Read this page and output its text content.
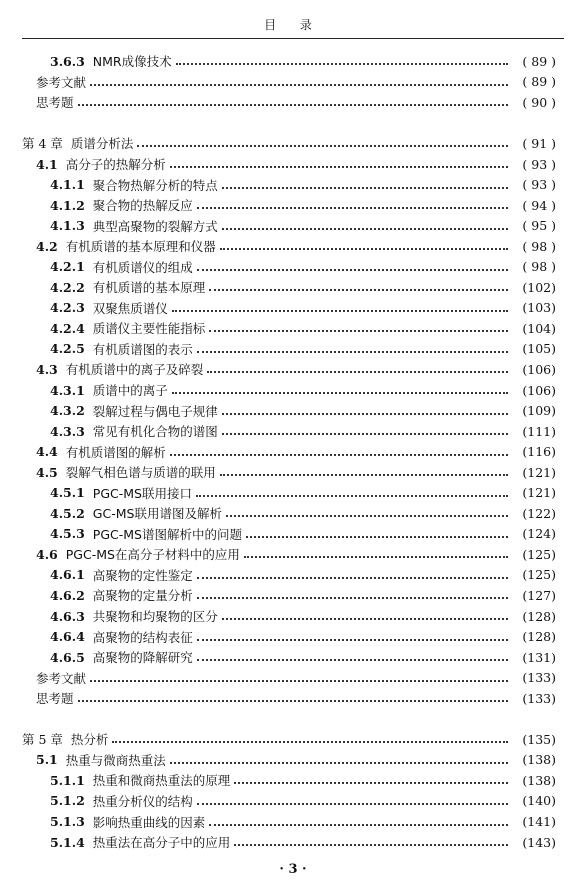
目 录
3.6.3 NMR成像技术	( 89 )
参考文献	( 89 )
思考题	( 90 )
第 4 章 质谱分析法	( 91 )
4.1 高分子的热解分析	( 93 )
4.1.1 聚合物热解分析的特点	( 93 )
4.1.2 聚合物的热解反应	( 94 )
4.1.3 典型高聚物的裂解方式	( 95 )
4.2 有机质谱的基本原理和仪器	( 98 )
4.2.1 有机质谱仪的组成	( 98 )
4.2.2 有机质谱的基本原理	(102)
4.2.3 双聚焦质谱仪	(103)
4.2.4 质谱仪主要性能指标	(104)
4.2.5 有机质谱图的表示	(105)
4.3 有机质谱中的离子及碎裂	(106)
4.3.1 质谱中的离子	(106)
4.3.2 裂解过程与偶电子规律	(109)
4.3.3 常见有机化合物的谱图	(111)
4.4 有机质谱图的解析	(116)
4.5 裂解气相色谱与质谱的联用	(121)
4.5.1 PGC-MS联用接口	(121)
4.5.2 GC-MS联用谱图及解析	(122)
4.5.3 PGC-MS谱图解析中的问题	(124)
4.6 PGC-MS在高分子材料中的应用	(125)
4.6.1 高聚物的定性鉴定	(125)
4.6.2 高聚物的定量分析	(127)
4.6.3 共聚物和均聚物的区分	(128)
4.6.4 高聚物的结构表征	(128)
4.6.5 高聚物的降解研究	(131)
参考文献	(133)
思考题	(133)
第 5 章 热分析	(135)
5.1 热重与微商热重法	(138)
5.1.1 热重和微商热重法的原理	(138)
5.1.2 热重分析仪的结构	(140)
5.1.3 影响热重曲线的因素	(141)
5.1.4 热重法在高分子中的应用	(143)
· 3 ·
